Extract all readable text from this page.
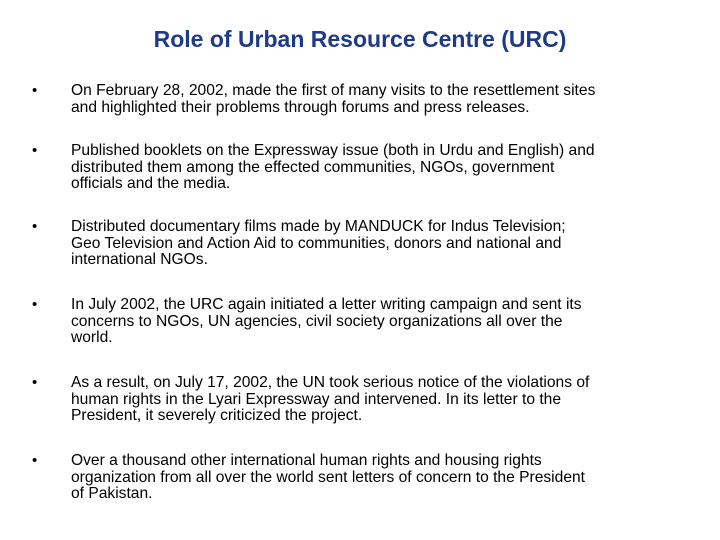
Role of Urban Resource Centre (URC)
• On February 28, 2002, made the first of many visits to the resettlement sites
and highlighted their problems through forums and press releases.
• Published booklets on the Expressway issue (both in Urdu and English) and
distributed them among the effected communities, NGOs, government
officials and the media.
• Distributed documentary films made by MANDUCK for Indus Television;
Geo Television and Action Aid to communities, donors and national and
international NGOs.
• In July 2002, the URC again initiated a letter writing campaign and sent its
concerns to NGOs, UN agencies, civil society organizations all over the
world.
• As a result, on July 17, 2002, the UN took serious notice of the violations of
human rights in the Lyari Expressway and intervened. In its letter to the
President, it severely criticized the project.
• Over a thousand other international human rights and housing rights
organization from all over the world sent letters of concern to the President
of Pakistan.
